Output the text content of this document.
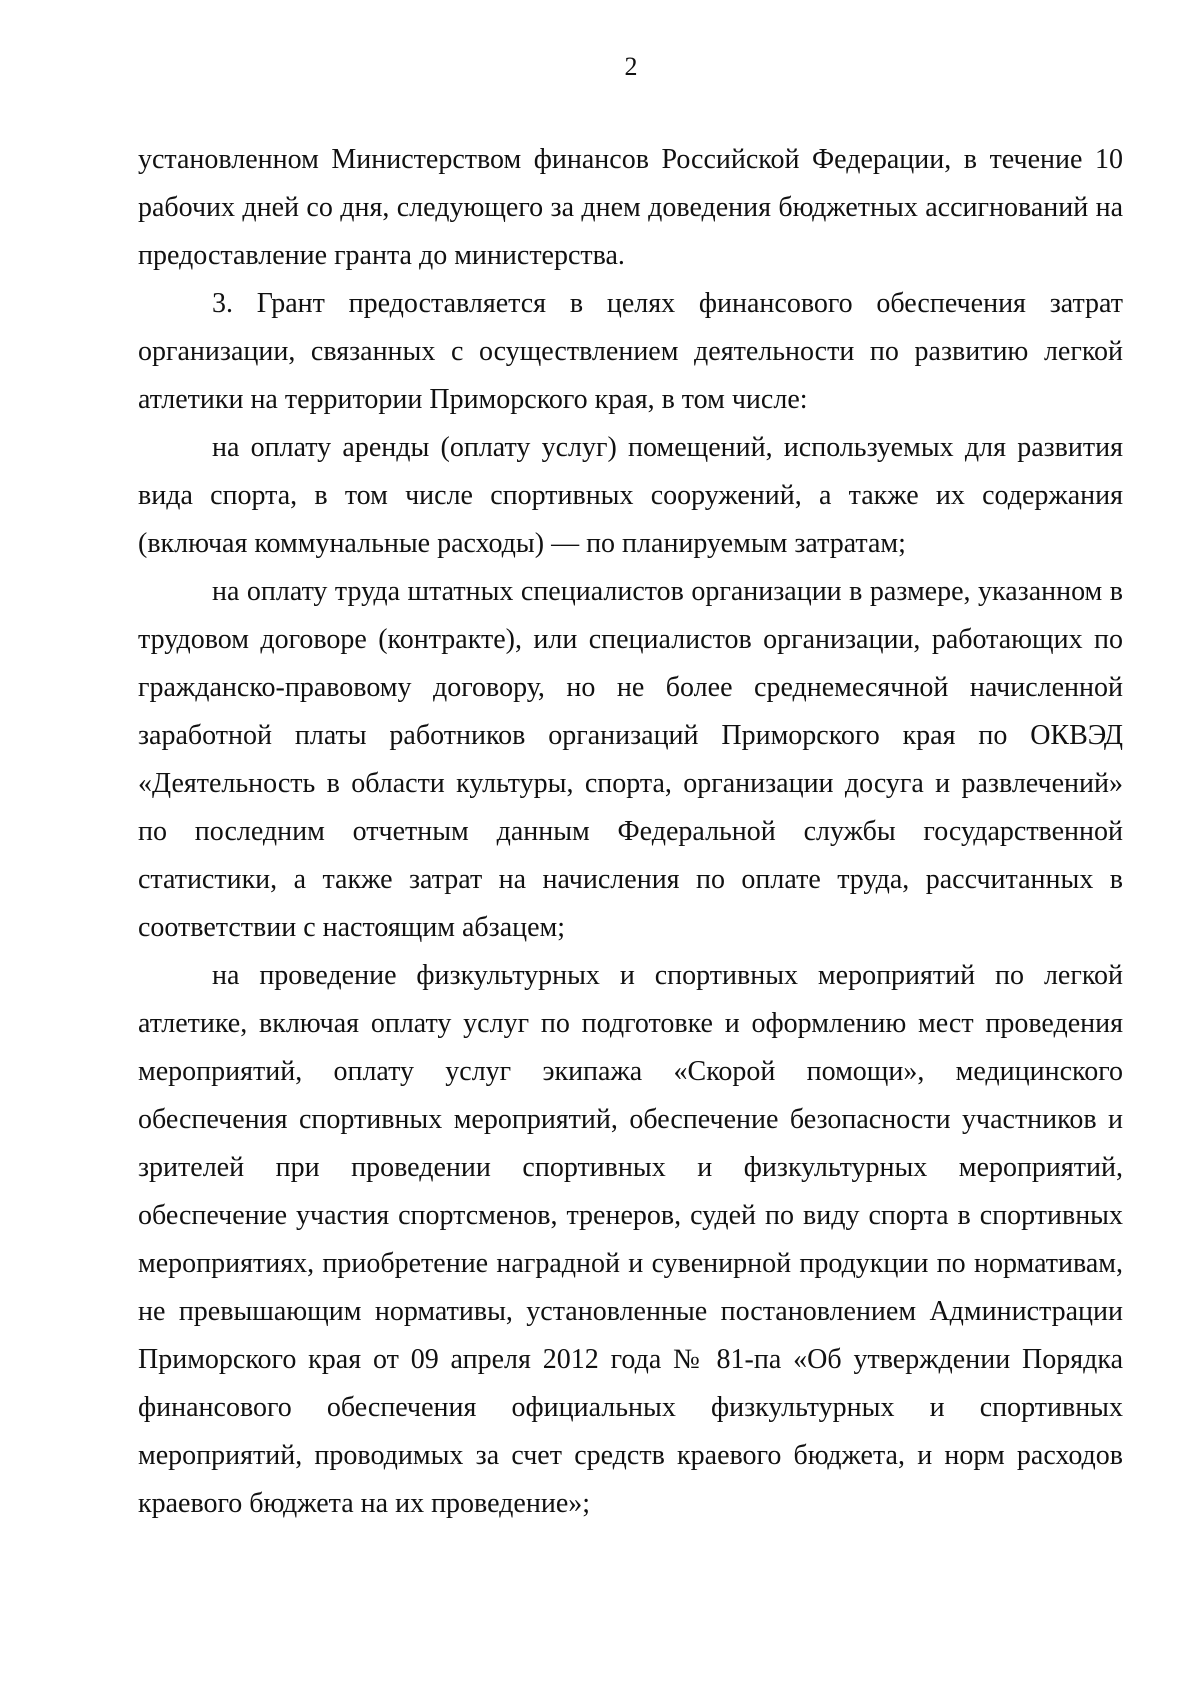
2

установленном Министерством финансов Российской Федерации, в течение 10 рабочих дней со дня, следующего за днем доведения бюджетных ассигнований на предоставление гранта до министерства.

3. Грант предоставляется в целях финансового обеспечения затрат организации, связанных с осуществлением деятельности по развитию легкой атлетики на территории Приморского края, в том числе:

на оплату аренды (оплату услуг) помещений, используемых для развития вида спорта, в том числе спортивных сооружений, а также их содержания (включая коммунальные расходы) — по планируемым затратам;

на оплату труда штатных специалистов организации в размере, указанном в трудовом договоре (контракте), или специалистов организации, работающих по гражданско-правовому договору, но не более среднемесячной начисленной заработной платы работников организаций Приморского края по ОКВЭД «Деятельность в области культуры, спорта, организации досуга и развлечений» по последним отчетным данным Федеральной службы государственной статистики, а также затрат на начисления по оплате труда, рассчитанных в соответствии с настоящим абзацем;

на проведение физкультурных и спортивных мероприятий по легкой атлетике, включая оплату услуг по подготовке и оформлению мест проведения мероприятий, оплату услуг экипажа «Скорой помощи», медицинского обеспечения спортивных мероприятий, обеспечение безопасности участников и зрителей при проведении спортивных и физкультурных мероприятий, обеспечение участия спортсменов, тренеров, судей по виду спорта в спортивных мероприятиях, приобретение наградной и сувенирной продукции по нормативам, не превышающим нормативы, установленные постановлением Администрации Приморского края от 09 апреля 2012 года № 81-па «Об утверждении Порядка финансового обеспечения официальных физкультурных и спортивных мероприятий, проводимых за счет средств краевого бюджета, и норм расходов краевого бюджета на их проведение»;
